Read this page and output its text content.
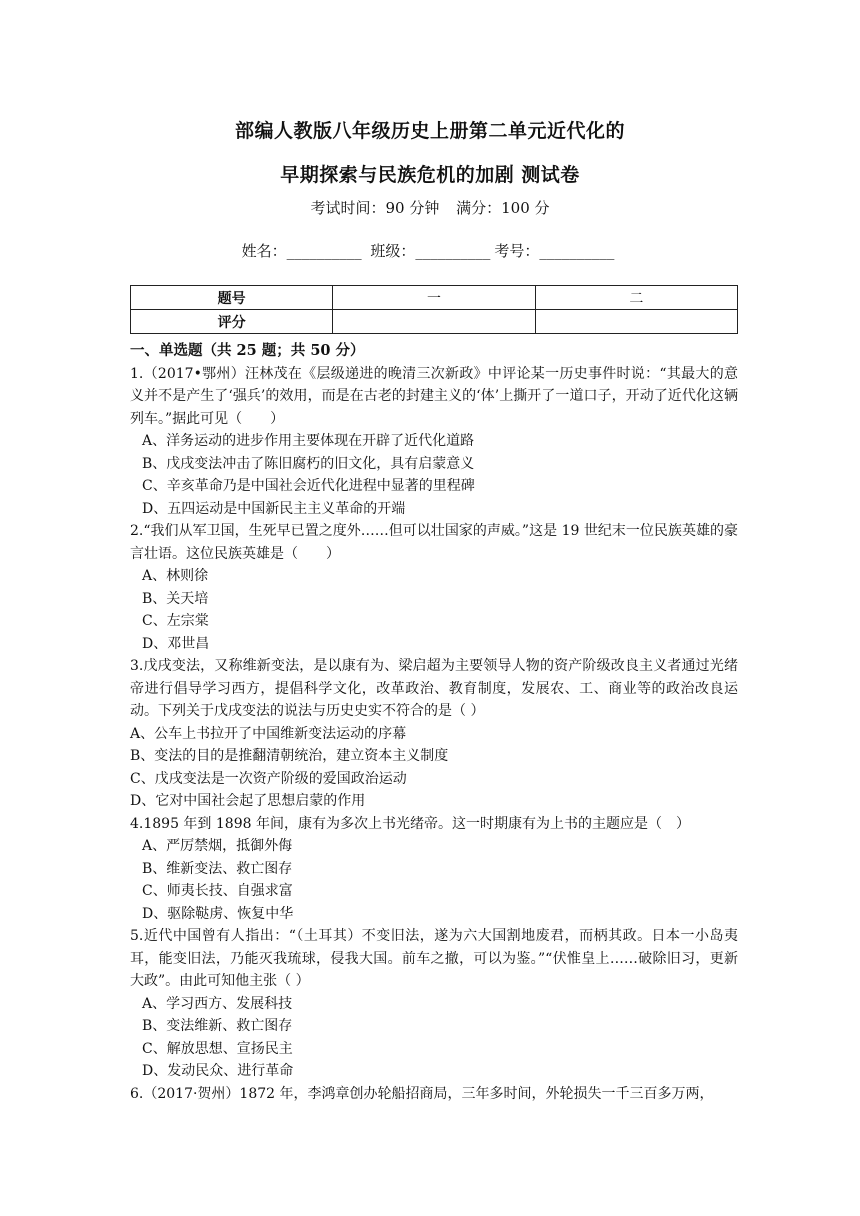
部编人教版八年级历史上册第二单元近代化的
早期探索与民族危机的加剧 测试卷
考试时间：90 分钟 满分：100 分
姓名：__________ 班级：__________ 考号：__________
题号	一	二
评分		
一、单选题（共 25 题；共 50 分）

1.（2017•鄂州）汪林茂在《层级递进的晚清三次新政》中评论某一历史事件时说：“其最大的意义并不是产生了‘强兵’的效用，而是在古老的封建主义的‘体’上撕开了一道口子，开动了近代化这辆列车。”据此可见（　　）

A、洋务运动的进步作用主要体现在开辟了近代化道路

B、戊戌变法冲击了陈旧腐朽的旧文化，具有启蒙意义

C、辛亥革命乃是中国社会近代化进程中显著的里程碑

D、五四运动是中国新民主主义革命的开端

2.“我们从军卫国，生死早已置之度外……但可以壮国家的声威。”这是 19 世纪末一位民族英雄的豪言壮语。这位民族英雄是（　　）

A、林则徐

B、关天培

C、左宗棠

D、邓世昌

3.戊戌变法，又称维新变法，是以康有为、梁启超为主要领导人物的资产阶级改良主义者通过光绪帝进行倡导学习西方，提倡科学文化，改革政治、教育制度，发展农、工、商业等的政治改良运动。下列关于戊戌变法的说法与历史史实不符合的是（ ）

A、公车上书拉开了中国维新变法运动的序幕

B、变法的目的是推翻清朝统治，建立资本主义制度

C、戊戌变法是一次资产阶级的爱国政治运动

D、它对中国社会起了思想启蒙的作用

4.1895 年到 1898 年间，康有为多次上书光绪帝。这一时期康有为上书的主题应是（　）

A、严厉禁烟，抵御外侮

B、维新变法、救亡图存

C、师夷长技、自强求富

D、驱除鞑虏、恢复中华

5.近代中国曾有人指出：“（土耳其）不变旧法，遂为六大国割地废君，而柄其政。日本一小岛夷耳，能变旧法，乃能灭我琉球，侵我大国。前车之撤，可以为鉴。”“伏惟皇上……破除旧习，更新大政”。由此可知他主张（ ）

A、学习西方、发展科技

B、变法维新、救亡图存

C、解放思想、宣扬民主

D、发动民众、进行革命

6.（2017·贺州）1872 年，李鸿章创办轮船招商局，三年多时间，外轮损失一千三百多万两，
